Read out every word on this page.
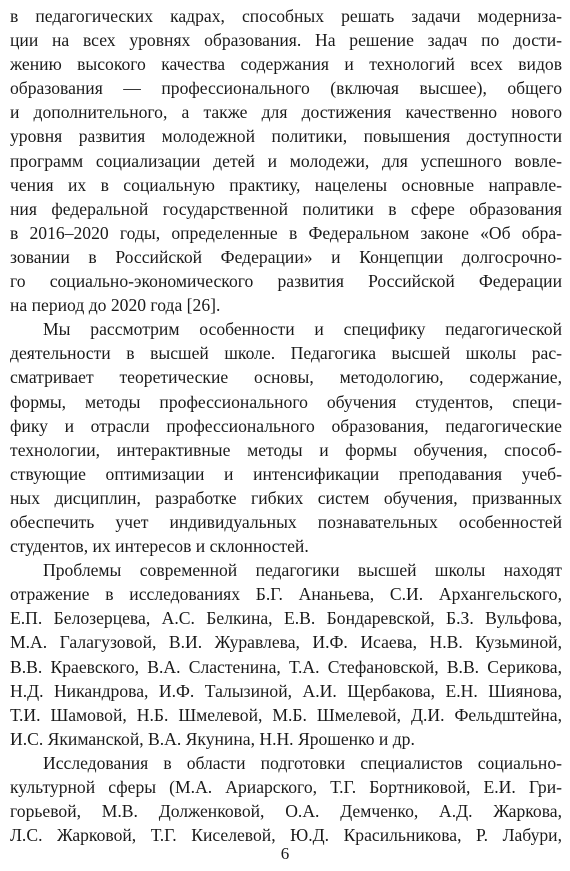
в педагогических кадрах, способных решать задачи модерниза-
ции на всех уровнях образования. На решение задач по дости-
жению высокого качества содержания и технологий всех видов
образования — профессионального (включая высшее), общего
и дополнительного, а также для достижения качественно нового
уровня развития молодежной политики, повышения доступности
программ социализации детей и молодежи, для успешного вовле-
чения их в социальную практику, нацелены основные направле-
ния федеральной государственной политики в сфере образования
в 2016–2020 годы, определенные в Федеральном законе «Об обра-
зовании в Российской Федерации» и Концепции долгосрочно-
го социально-экономического развития Российской Федерации
на период до 2020 года [26].
Мы рассмотрим особенности и специфику педагогической
деятельности в высшей школе. Педагогика высшей школы рас-
сматривает теоретические основы, методологию, содержание,
формы, методы профессионального обучения студентов, специ-
фику и отрасли профессионального образования, педагогические
технологии, интерактивные методы и формы обучения, способ-
ствующие оптимизации и интенсификации преподавания учеб-
ных дисциплин, разработке гибких систем обучения, призванных
обеспечить учет индивидуальных познавательных особенностей
студентов, их интересов и склонностей.
Проблемы современной педагогики высшей школы находят
отражение в исследованиях Б.Г. Ананьева, С.И. Архангельского,
Е.П. Белозерцева, А.С. Белкина, Е.В. Бондаревской, Б.З. Вульфова,
М.А. Галагузовой, В.И. Журавлева, И.Ф. Исаева, Н.В. Кузьминой,
В.В. Краевского, В.А. Сластенина, Т.А. Стефановской, В.В. Серикова,
Н.Д. Никандрова, И.Ф. Талызиной, А.И. Щербакова, Е.Н. Шиянова,
Т.И. Шамовой, Н.Б. Шмелевой, М.Б. Шмелевой, Д.И. Фельдштейна,
И.С. Якиманской, В.А. Якунина, Н.Н. Ярошенко и др.
Исследования в области подготовки специалистов социально-
культурной сферы (М.А. Ариарского, Т.Г. Бортниковой, Е.И. Гри-
горьевой, М.В. Долженковой, О.А. Демченко, А.Д. Жаркова,
Л.С. Жарковой, Т.Г. Киселевой, Ю.Д. Красильникова, Р. Лабури,
6
